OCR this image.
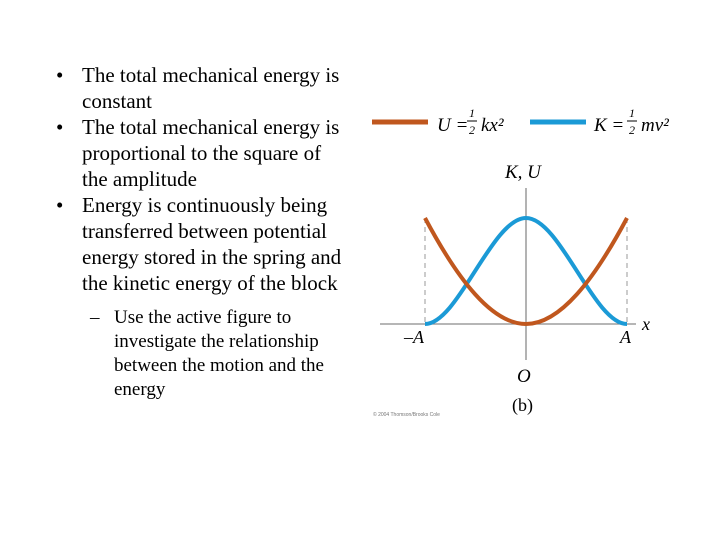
• The total mechanical energy is constant
• The total mechanical energy is proportional to the square of the amplitude
• Energy is continuously being transferred between potential energy stored in the spring and the kinetic energy of the block
– Use the active figure to investigate the relationship between the motion and the energy
U =
1
2 kx²	K =
1
2 mv²
K, U
x
–A	A
O
(b)
© 2004 Thomson/Brooks Cole
